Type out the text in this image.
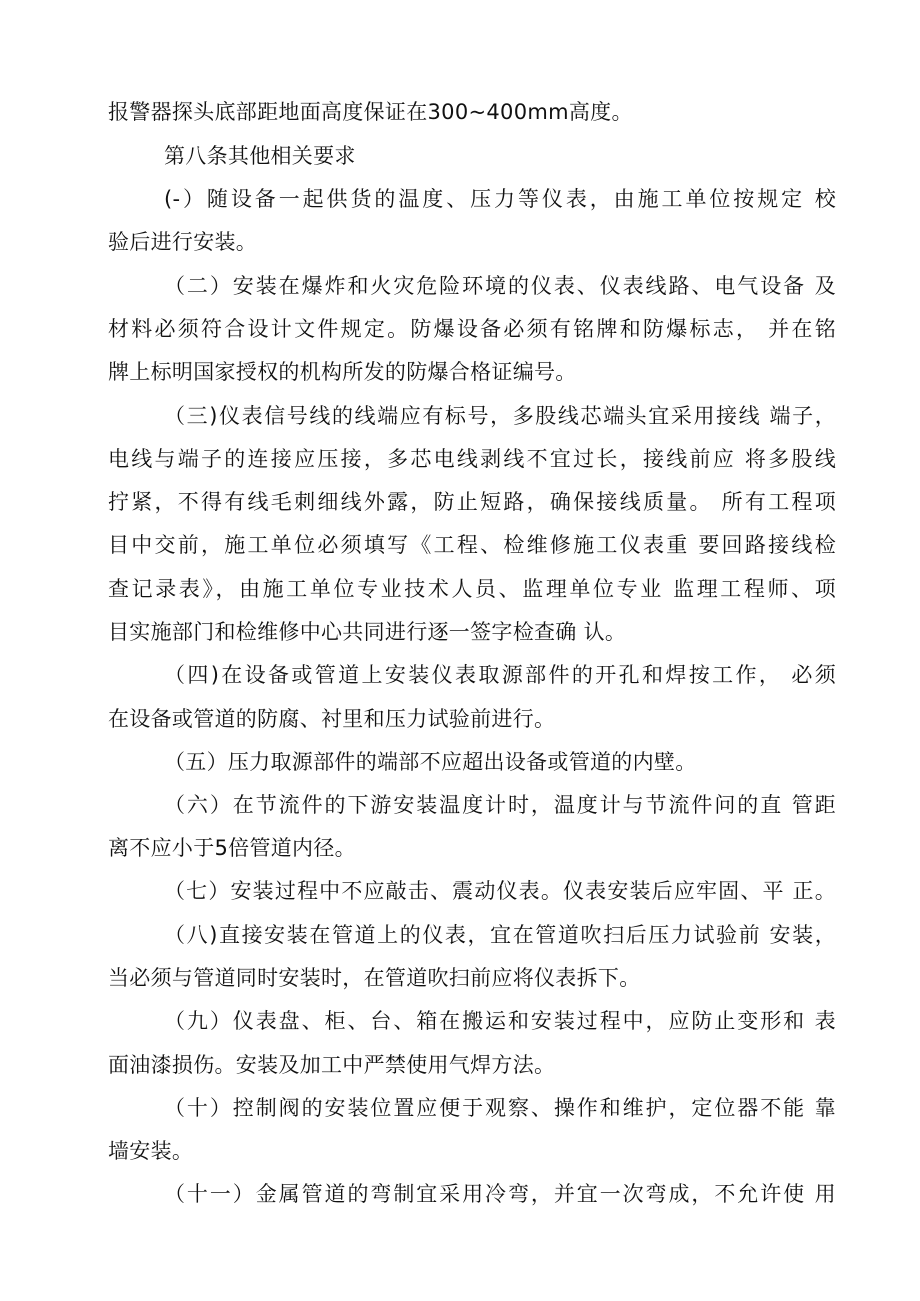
报警器探头底部距地面高度保证在300~400mm高度。
第八条其他相关要求
(-）随设备一起供货的温度、压力等仪表，由施工单位按规定 校
验后进行安装。
（二）安装在爆炸和火灾危险环境的仪表、仪表线路、电气设备 及
材料必须符合设计文件规定。防爆设备必须有铭牌和防爆标志， 并在铭
牌上标明国家授权的机构所发的防爆合格证编号。
（三)仪表信号线的线端应有标号，多股线芯端头宜采用接线 端子，
电线与端子的连接应压接，多芯电线剥线不宜过长，接线前应 将多股线
拧紧，不得有线毛刺细线外露，防止短路，确保接线质量。 所有工程项
目中交前，施工单位必须填写《工程、检维修施工仪表重 要回路接线检
查记录表》，由施工单位专业技术人员、监理单位专业 监理工程师、项
目实施部门和检维修中心共同进行逐一签字检查确 认。
（四)在设备或管道上安装仪表取源部件的开孔和焊按工作， 必须
在设备或管道的防腐、衬里和压力试验前进行。
（五）压力取源部件的端部不应超出设备或管道的内壁。
（六）在节流件的下游安装温度计时，温度计与节流件问的直 管距
离不应小于5倍管道内径。
（七）安装过程中不应敲击、震动仪表。仪表安装后应牢固、平 正。
（八)直接安装在管道上的仪表，宜在管道吹扫后压力试验前 安装，
当必须与管道同时安装时，在管道吹扫前应将仪表拆下。
（九）仪表盘、柜、台、箱在搬运和安装过程中，应防止变形和 表
面油漆损伤。安装及加工中严禁使用气焊方法。
（十）控制阀的安装位置应便于观察、操作和维护，定位器不能 靠
墙安装。
（十一）金属管道的弯制宜采用冷弯，并宜一次弯成，不允许使 用
